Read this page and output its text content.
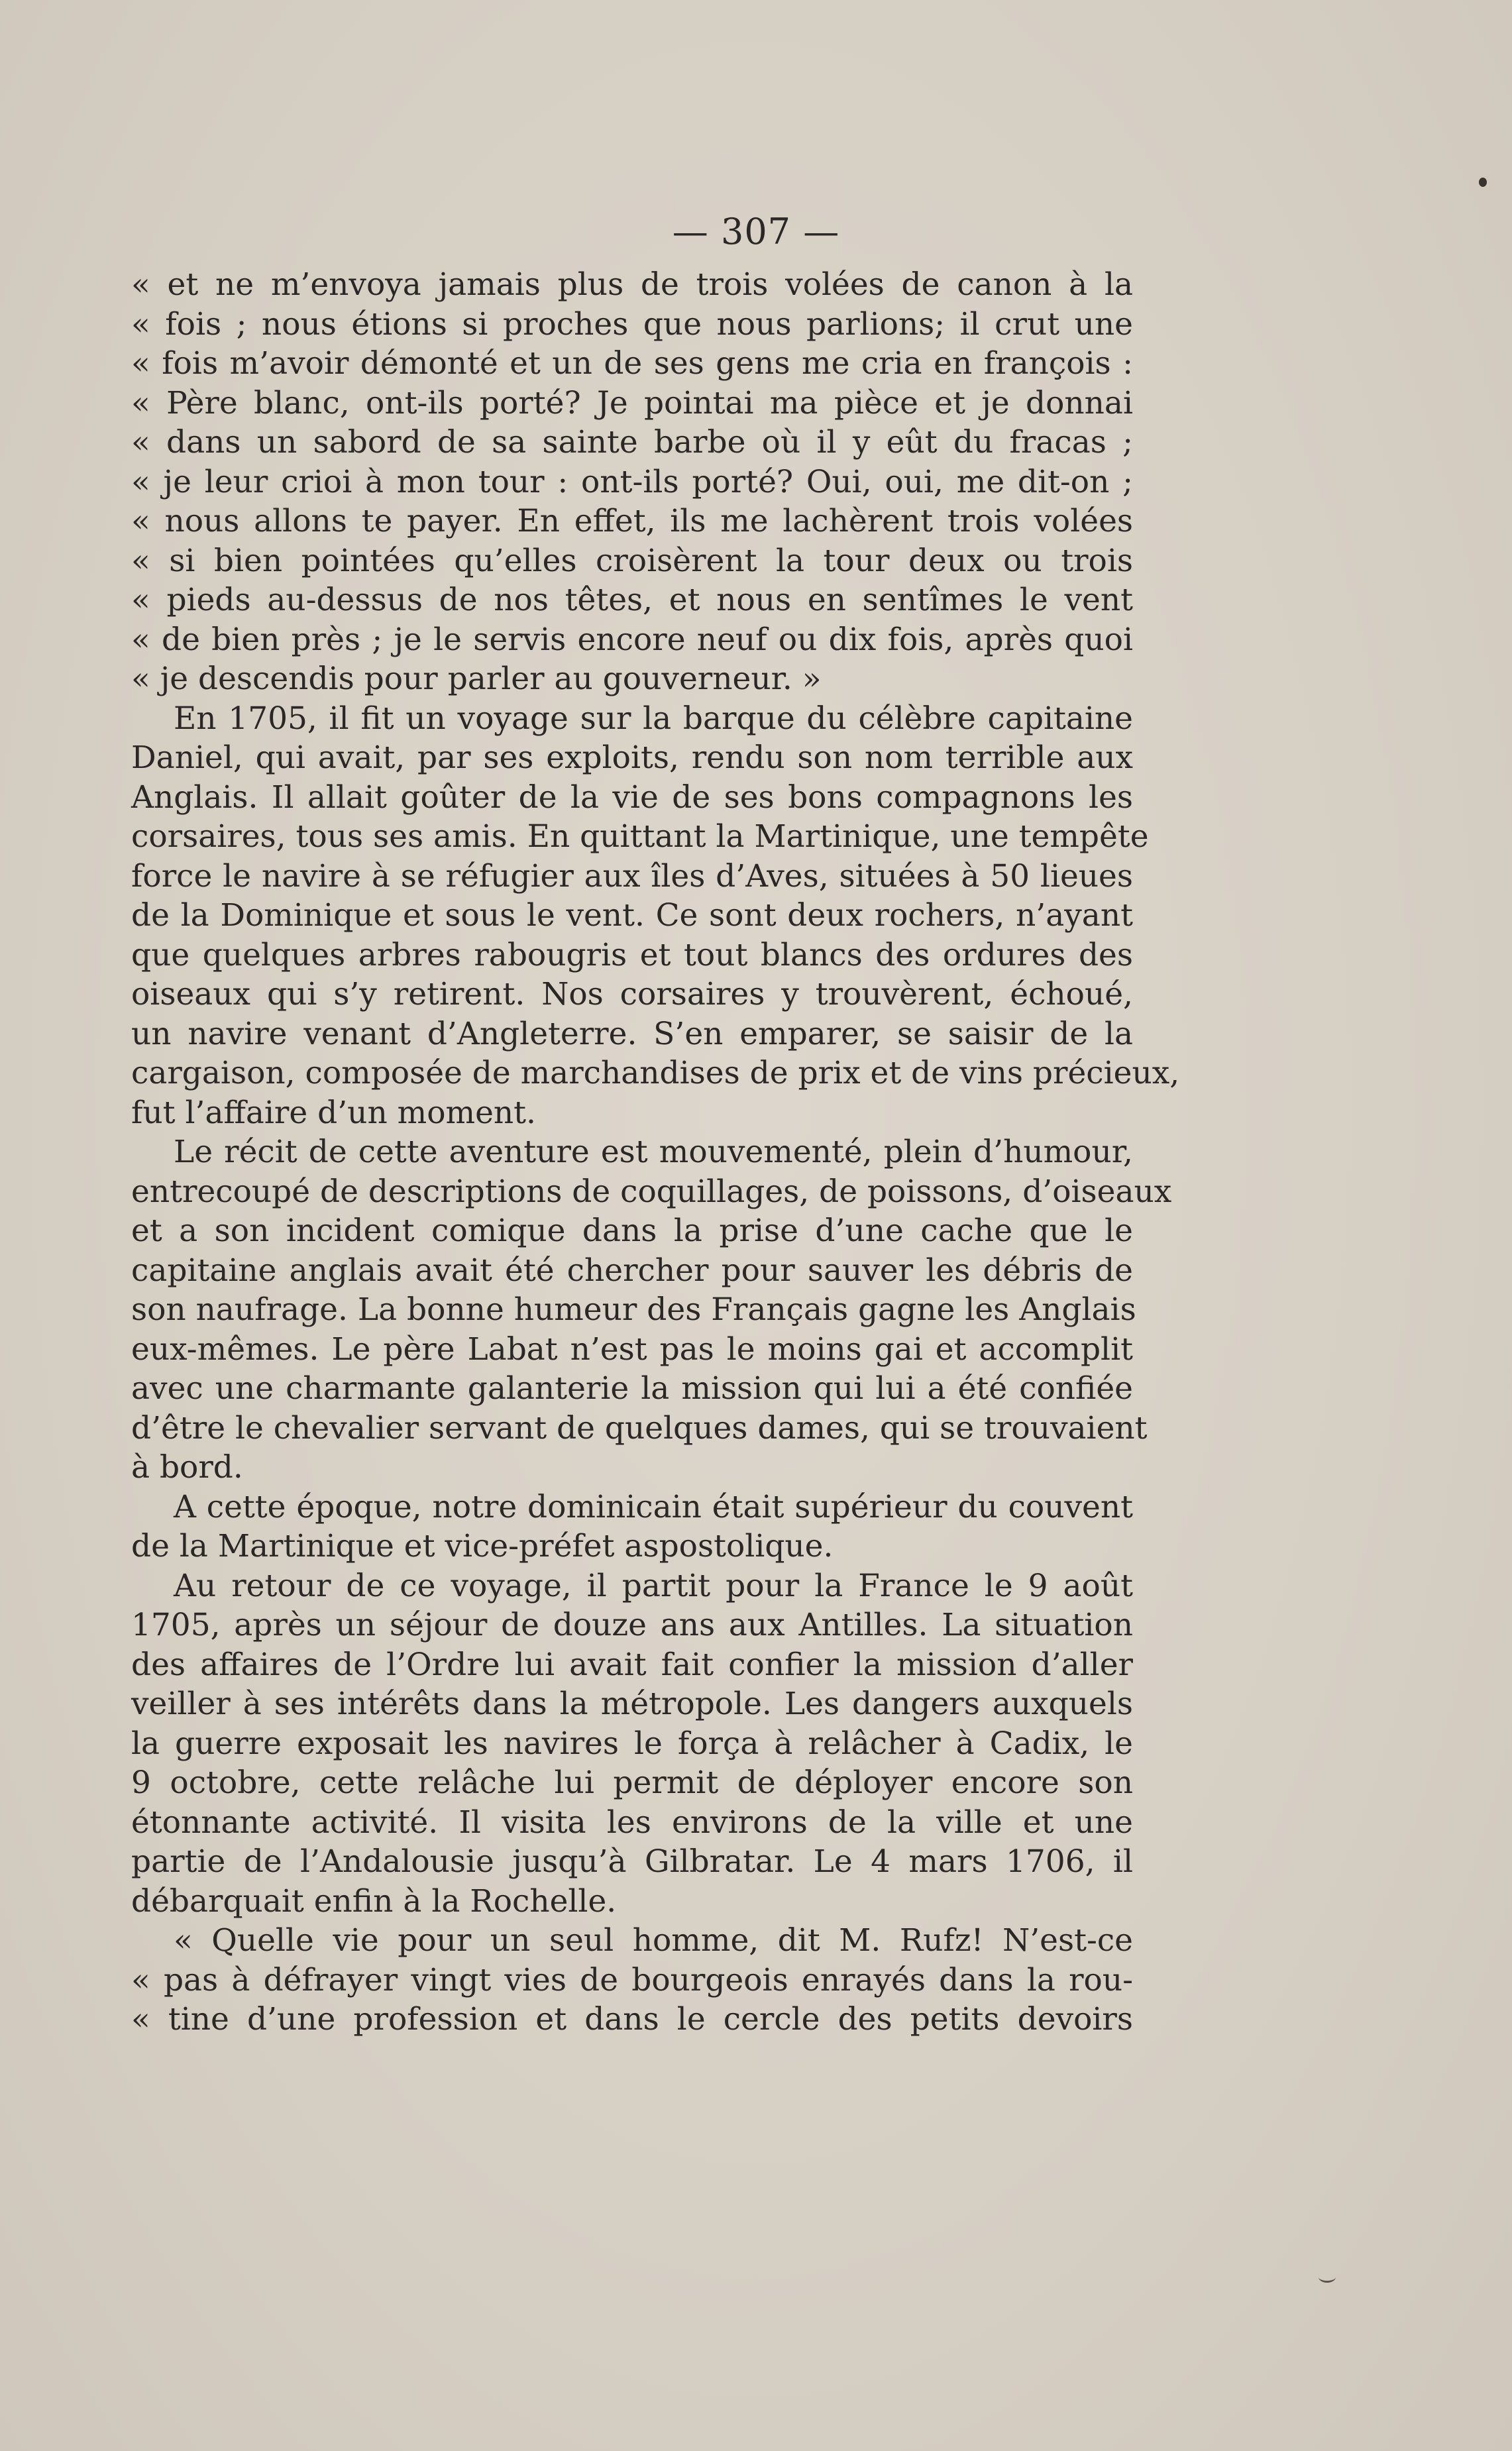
— 307 —
« et ne m’envoya jamais plus de trois volées de canon à la
« fois ; nous étions si proches que nous parlions; il crut une
« fois m’avoir démonté et un de ses gens me cria en françois :
« Père blanc, ont-ils porté? Je pointai ma pièce et je donnai
« dans un sabord de sa sainte barbe où il y eût du fracas ;
« je leur crioi à mon tour : ont-ils porté? Oui, oui, me dit-on ;
« nous allons te payer. En effet, ils me lachèrent trois volées
« si bien pointées qu’elles croisèrent la tour deux ou trois
« pieds au-dessus de nos têtes, et nous en sentîmes le vent
« de bien près ; je le servis encore neuf ou dix fois, après quoi
« je descendis pour parler au gouverneur. »
En 1705, il fit un voyage sur la barque du célèbre capitaine
Daniel, qui avait, par ses exploits, rendu son nom terrible aux
Anglais. Il allait goûter de la vie de ses bons compagnons les
corsaires, tous ses amis. En quittant la Martinique, une tempête
force le navire à se réfugier aux îles d’Aves, situées à 50 lieues
de la Dominique et sous le vent. Ce sont deux rochers, n’ayant
que quelques arbres rabougris et tout blancs des ordures des
oiseaux qui s’y retirent. Nos corsaires y trouvèrent, échoué,
un navire venant d’Angleterre. S’en emparer, se saisir de la
cargaison, composée de marchandises de prix et de vins précieux,
fut l’affaire d’un moment.
Le récit de cette aventure est mouvementé, plein d’humour,
entrecoupé de descriptions de coquillages, de poissons, d’oiseaux
et a son incident comique dans la prise d’une cache que le
capitaine anglais avait été chercher pour sauver les débris de
son naufrage. La bonne humeur des Français gagne les Anglais
eux-mêmes. Le père Labat n’est pas le moins gai et accomplit
avec une charmante galanterie la mission qui lui a été confiée
d’être le chevalier servant de quelques dames, qui se trouvaient
à bord.
A cette époque, notre dominicain était supérieur du couvent
de la Martinique et vice-préfet aspostolique.
Au retour de ce voyage, il partit pour la France le 9 août
1705, après un séjour de douze ans aux Antilles. La situation
des affaires de l’Ordre lui avait fait confier la mission d’aller
veiller à ses intérêts dans la métropole. Les dangers auxquels
la guerre exposait les navires le força à relâcher à Cadix, le
9 octobre, cette relâche lui permit de déployer encore son
étonnante activité. Il visita les environs de la ville et une
partie de l’Andalousie jusqu’à Gilbratar. Le 4 mars 1706, il
débarquait enfin à la Rochelle.
« Quelle vie pour un seul homme, dit M. Rufz! N’est-ce
« pas à défrayer vingt vies de bourgeois enrayés dans la rou-
« tine d’une profession et dans le cercle des petits devoirs
